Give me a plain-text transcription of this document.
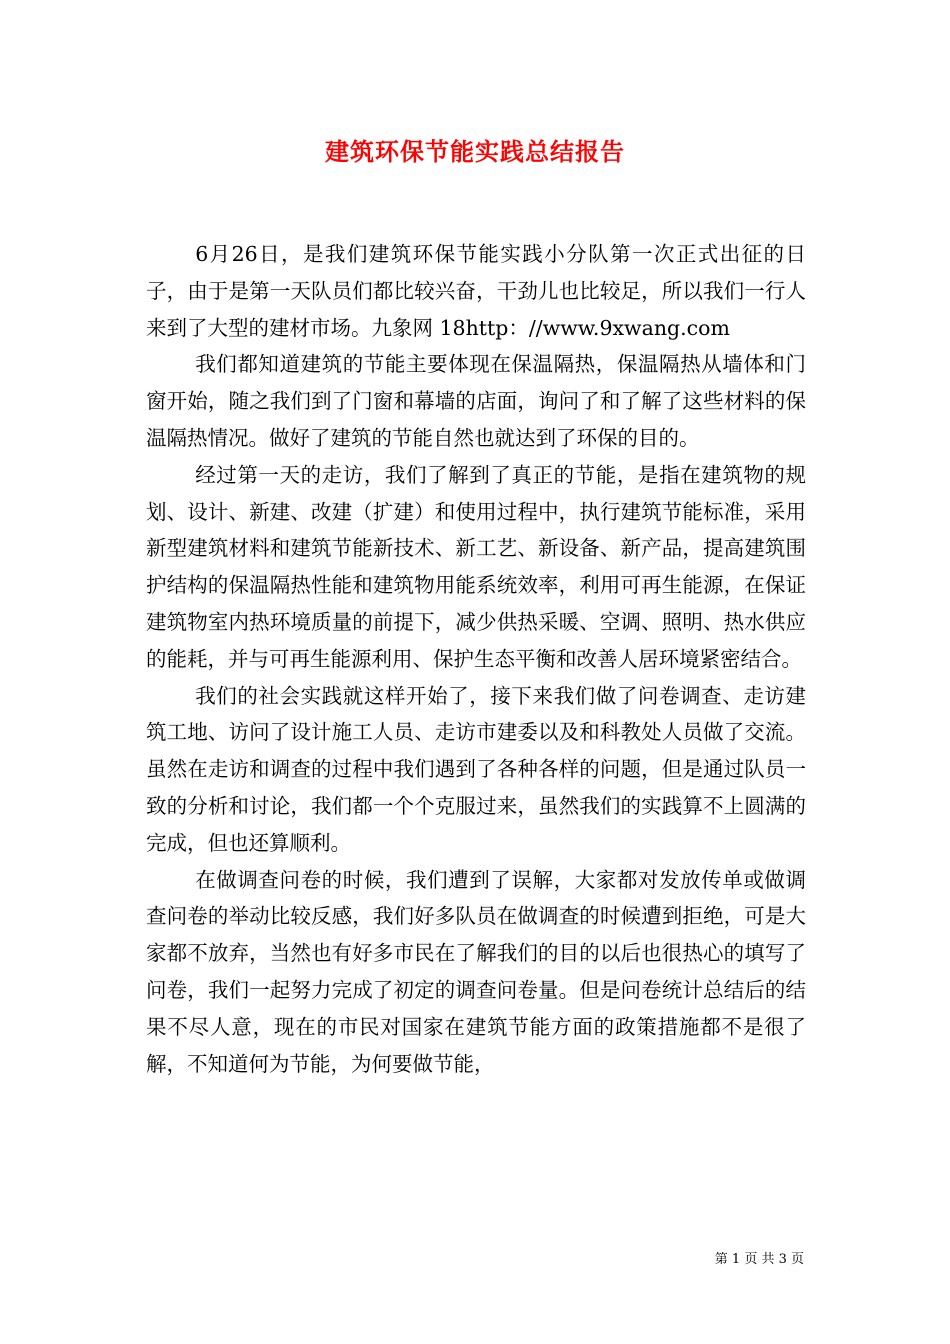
建筑环保节能实践总结报告

6月26日，是我们建筑环保节能实践小分队第一次正式出征的日子，由于是第一天队员们都比较兴奋，干劲儿也比较足，所以我们一行人来到了大型的建材市场。九象网 18http：//www.9xwang.com

我们都知道建筑的节能主要体现在保温隔热，保温隔热从墙体和门窗开始，随之我们到了门窗和幕墙的店面，询问了和了解了这些材料的保温隔热情况。做好了建筑的节能自然也就达到了环保的目的。

经过第一天的走访，我们了解到了真正的节能，是指在建筑物的规划、设计、新建、改建（扩建）和使用过程中，执行建筑节能标准，采用新型建筑材料和建筑节能新技术、新工艺、新设备、新产品，提高建筑围护结构的保温隔热性能和建筑物用能系统效率，利用可再生能源，在保证建筑物室内热环境质量的前提下，减少供热采暖、空调、照明、热水供应的能耗，并与可再生能源利用、保护生态平衡和改善人居环境紧密结合。

我们的社会实践就这样开始了，接下来我们做了问卷调查、走访建筑工地、访问了设计施工人员、走访市建委以及和科教处人员做了交流。虽然在走访和调查的过程中我们遇到了各种各样的问题，但是通过队员一致的分析和讨论，我们都一个个克服过来，虽然我们的实践算不上圆满的完成，但也还算顺利。

在做调查问卷的时候，我们遭到了误解，大家都对发放传单或做调查问卷的举动比较反感，我们好多队员在做调查的时候遭到拒绝，可是大家都不放弃，当然也有好多市民在了解我们的目的以后也很热心的填写了问卷，我们一起努力完成了初定的调查问卷量。但是问卷统计总结后的结果不尽人意，现在的市民对国家在建筑节能方面的政策措施都不是很了解，不知道何为节能，为何要做节能，

第 1 页 共 3 页
